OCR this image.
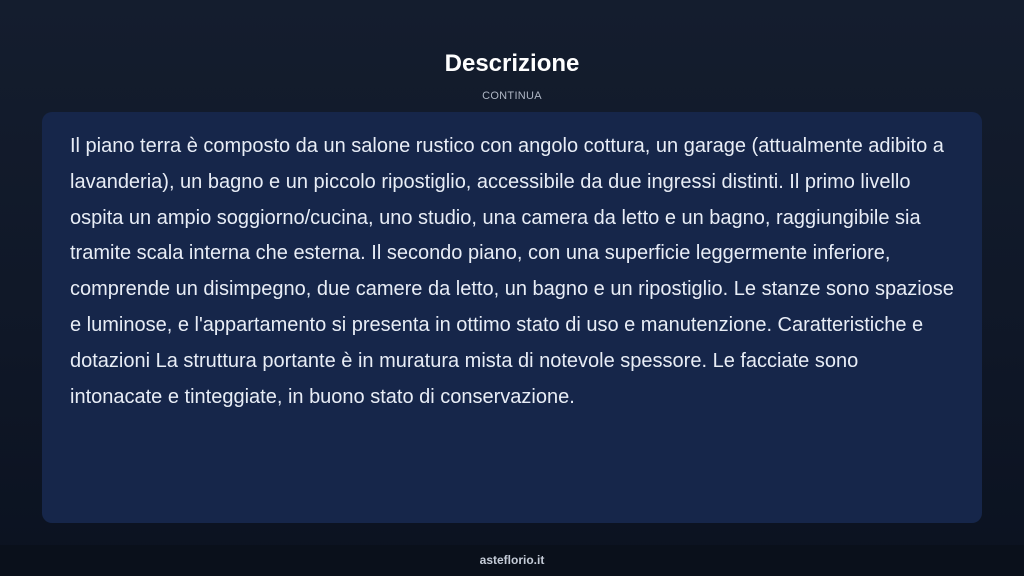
Descrizione
CONTINUA

Il piano terra è composto da un salone rustico con angolo cottura, un garage (attualmente adibito a lavanderia), un bagno e un piccolo ripostiglio, accessibile da due ingressi distinti. Il primo livello ospita un ampio soggiorno/cucina, uno studio, una camera da letto e un bagno, raggiungibile sia tramite scala interna che esterna. Il secondo piano, con una superficie leggermente inferiore, comprende un disimpegno, due camere da letto, un bagno e un ripostiglio. Le stanze sono spaziose e luminose, e l'appartamento si presenta in ottimo stato di uso e manutenzione. Caratteristiche e dotazioni La struttura portante è in muratura mista di notevole spessore. Le facciate sono intonacate e tinteggiate, in buono stato di conservazione.

asteflorio.it
